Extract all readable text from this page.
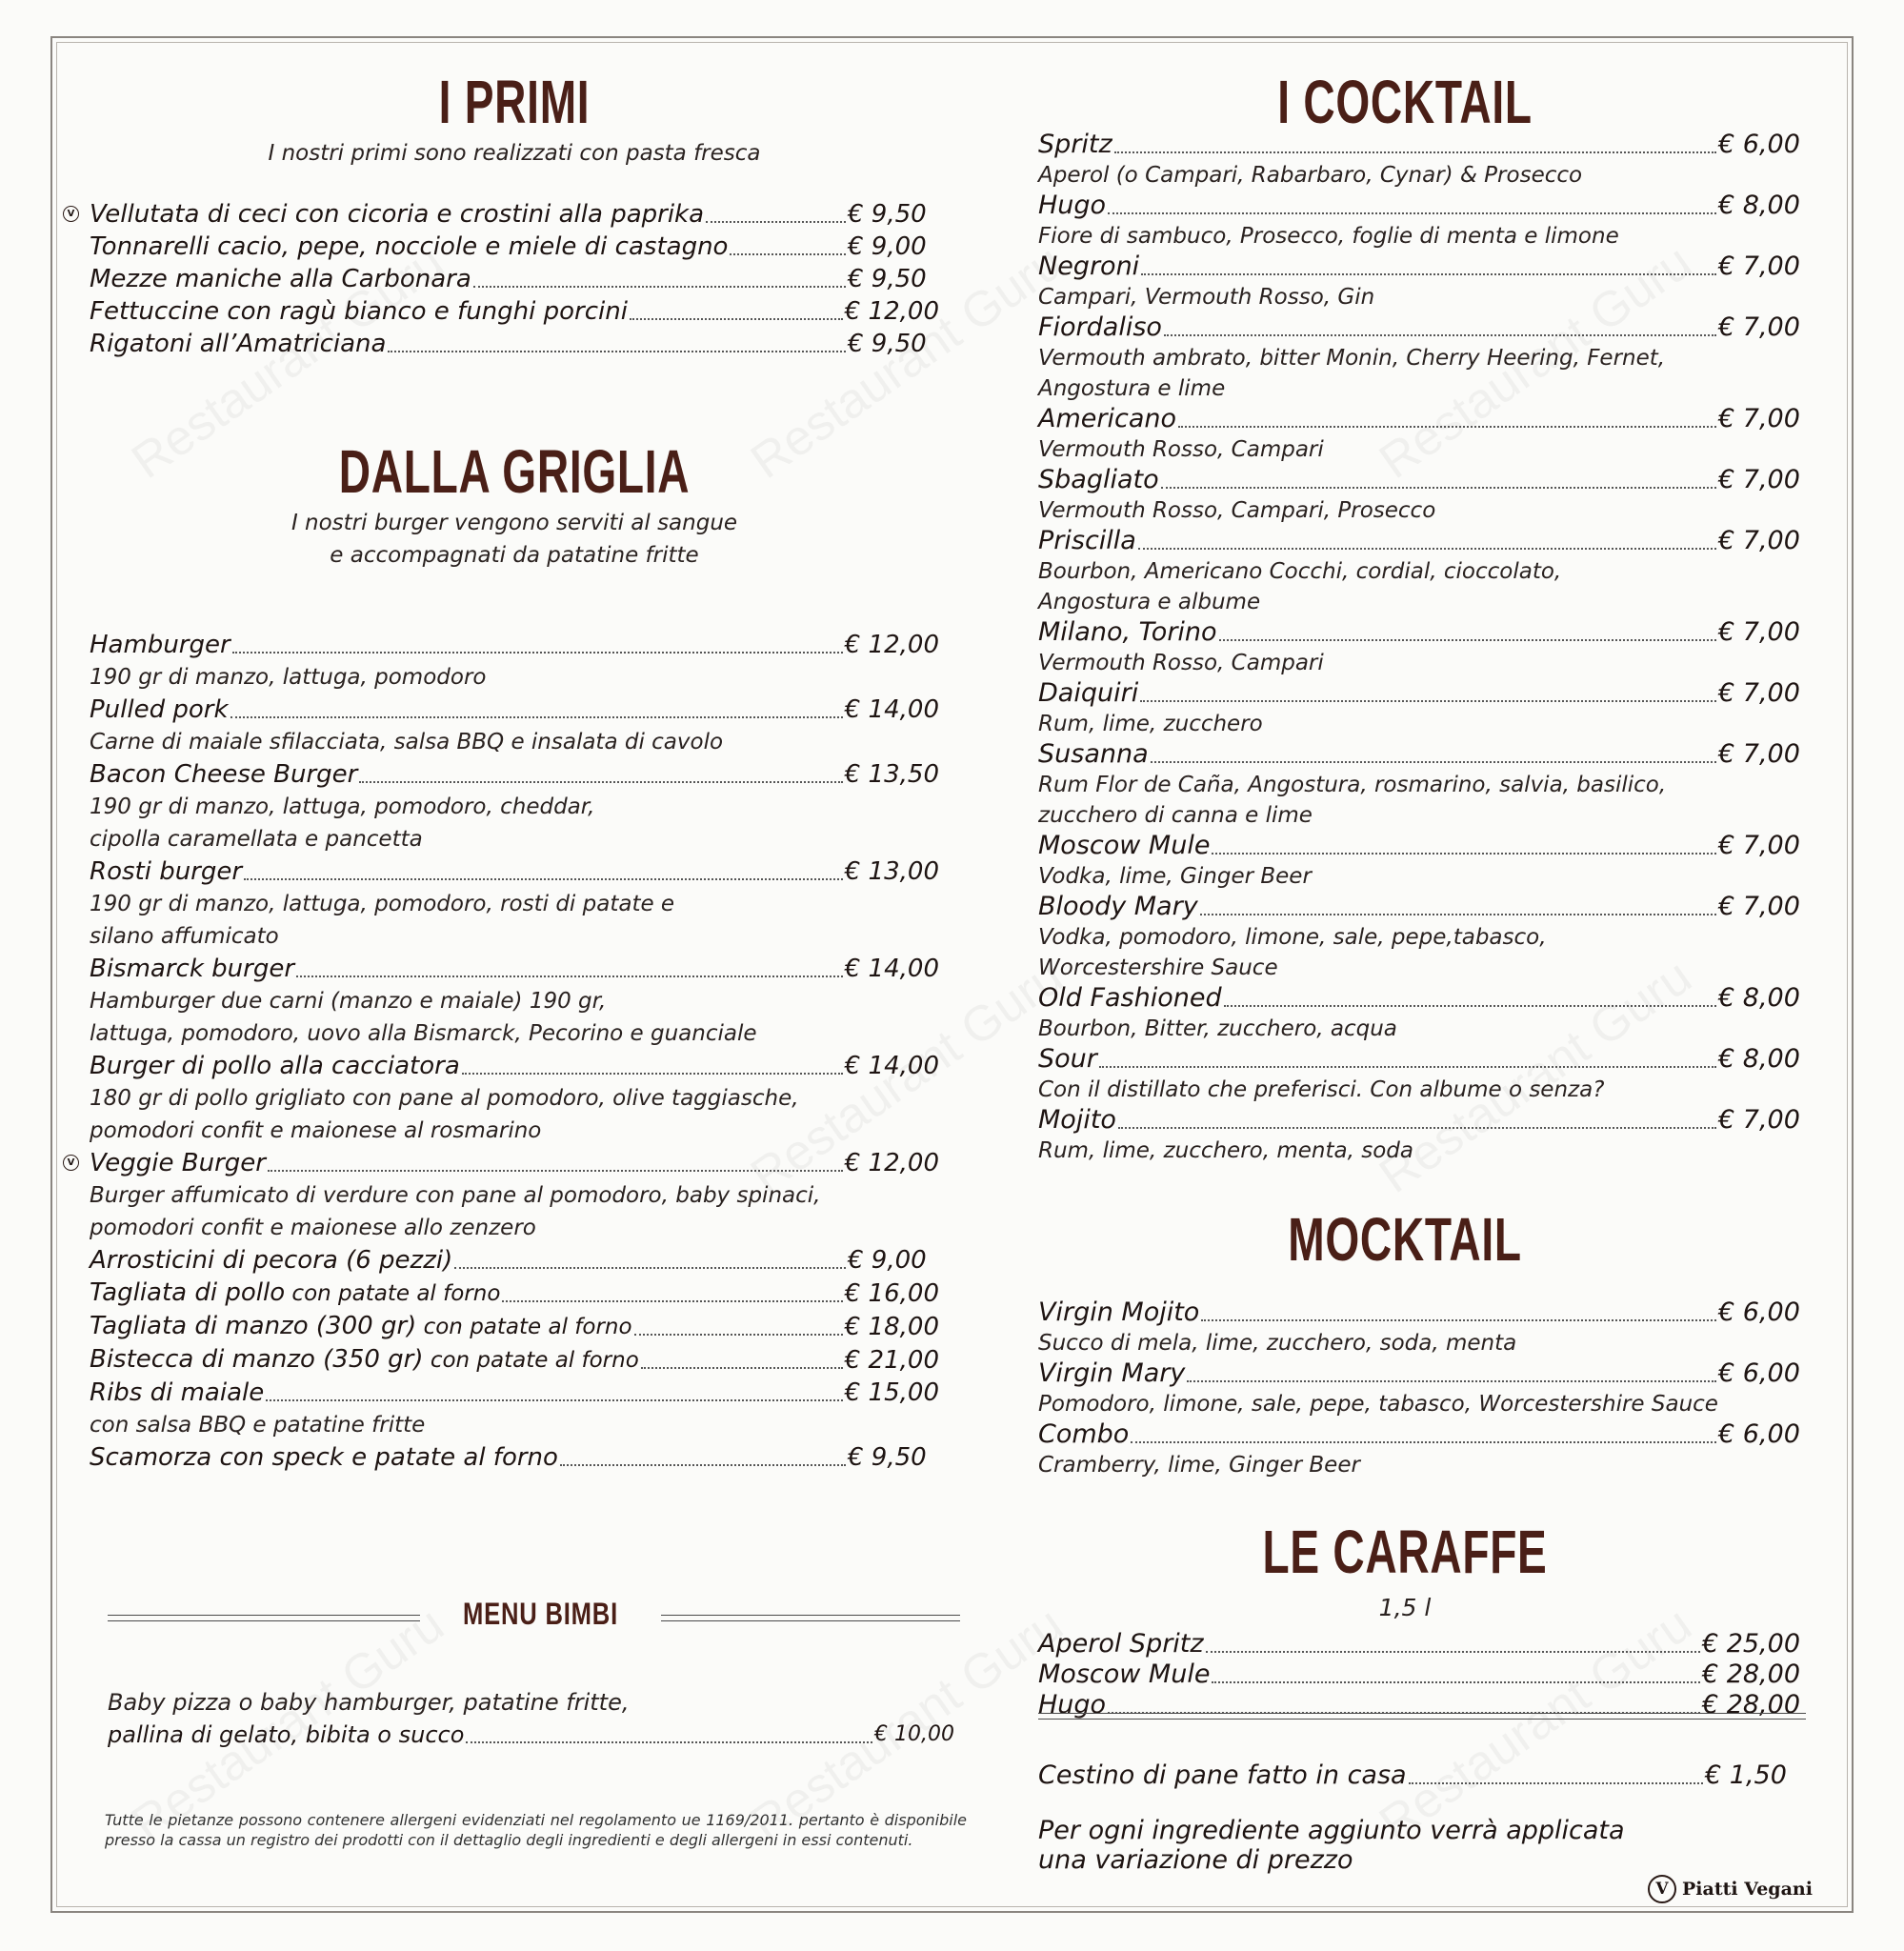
I PRIMI
I nostri primi sono realizzati con pasta fresca
V Vellutata di ceci con cicoria e crostini alla paprika	€ 9,50
Tonnarelli cacio, pepe, nocciole e miele di castagno	€ 9,00
Mezze maniche alla Carbonara	€ 9,50
Fettuccine con ragù bianco e funghi porcini	€ 12,00
Rigatoni all’Amatriciana	€ 9,50
DALLA GRIGLIA
I nostri burger vengono serviti al sangue
e accompagnati da patatine fritte
Hamburger	€ 12,00
190 gr di manzo, lattuga, pomodoro
Pulled pork	€ 14,00
Carne di maiale sfilacciata, salsa BBQ e insalata di cavolo
Bacon Cheese Burger	€ 13,50
190 gr di manzo, lattuga, pomodoro, cheddar,
cipolla caramellata e pancetta
Rosti burger	€ 13,00
190 gr di manzo, lattuga, pomodoro, rosti di patate e
silano affumicato
Bismarck burger	€ 14,00
Hamburger due carni (manzo e maiale) 190 gr,
lattuga, pomodoro, uovo alla Bismarck, Pecorino e guanciale
Burger di pollo alla cacciatora	€ 14,00
180 gr di pollo grigliato con pane al pomodoro, olive taggiasche,
pomodori confit e maionese al rosmarino
V Veggie Burger	€ 12,00
Burger affumicato di verdure con pane al pomodoro, baby spinaci,
pomodori confit e maionese allo zenzero
Arrosticini di pecora (6 pezzi)	€ 9,00
Tagliata di pollo con patate al forno	€ 16,00
Tagliata di manzo (300 gr) con patate al forno	€ 18,00
Bistecca di manzo (350 gr) con patate al forno	€ 21,00
Ribs di maiale	€ 15,00
con salsa BBQ e patatine fritte
Scamorza con speck e patate al forno	€ 9,50
MENU BIMBI
Baby pizza o baby hamburger, patatine fritte,
pallina di gelato, bibita o succo	€ 10,00
Tutte le pietanze possono contenere allergeni evidenziati nel regolamento ue 1169/2011. pertanto è disponibile presso la cassa un registro dei prodotti con il dettaglio degli ingredienti e degli allergeni in essi contenuti.
I COCKTAIL
Spritz	€ 6,00
Aperol (o Campari, Rabarbaro, Cynar) & Prosecco
Hugo	€ 8,00
Fiore di sambuco, Prosecco, foglie di menta e limone
Negroni	€ 7,00
Campari, Vermouth Rosso, Gin
Fiordaliso	€ 7,00
Vermouth ambrato, bitter Monin, Cherry Heering, Fernet,
Angostura e lime
Americano	€ 7,00
Vermouth Rosso, Campari
Sbagliato	€ 7,00
Vermouth Rosso, Campari, Prosecco
Priscilla	€ 7,00
Bourbon, Americano Cocchi, cordial, cioccolato,
Angostura e albume
Milano, Torino	€ 7,00
Vermouth Rosso, Campari
Daiquiri	€ 7,00
Rum, lime, zucchero
Susanna	€ 7,00
Rum Flor de Caña, Angostura, rosmarino, salvia, basilico,
zucchero di canna e lime
Moscow Mule	€ 7,00
Vodka, lime, Ginger Beer
Bloody Mary	€ 7,00
Vodka, pomodoro, limone, sale, pepe,tabasco,
Worcestershire Sauce
Old Fashioned	€ 8,00
Bourbon, Bitter, zucchero, acqua
Sour	€ 8,00
Con il distillato che preferisci. Con albume o senza?
Mojito	€ 7,00
Rum, lime, zucchero, menta, soda
MOCKTAIL
Virgin Mojito	€ 6,00
Succo di mela, lime, zucchero, soda, menta
Virgin Mary	€ 6,00
Pomodoro, limone, sale, pepe, tabasco, Worcestershire Sauce
Combo	€ 6,00
Cramberry, lime, Ginger Beer
LE CARAFFE
1,5 l
Aperol Spritz	€ 25,00
Moscow Mule	€ 28,00
Hugo	€ 28,00
Cestino di pane fatto in casa	€ 1,50
Per ogni ingrediente aggiunto verrà applicata
una variazione di prezzo
V Piatti Vegani
